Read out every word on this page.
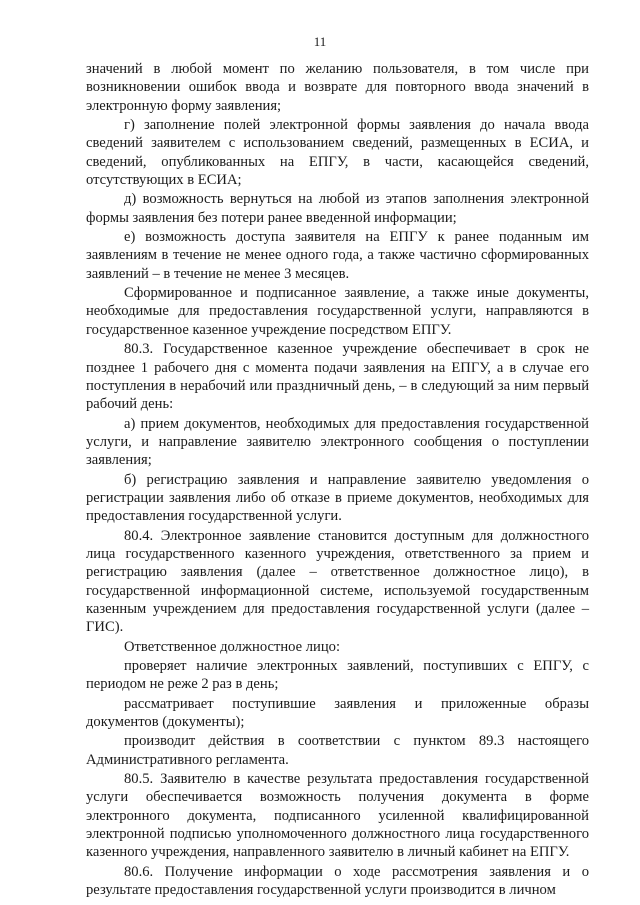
11

значений в любой момент по желанию пользователя, в том числе при возникновении ошибок ввода и возврате для повторного ввода значений в электронную форму заявления;

г) заполнение полей электронной формы заявления до начала ввода сведений заявителем с использованием сведений, размещенных в ЕСИА, и сведений, опубликованных на ЕПГУ, в части, касающейся сведений, отсутствующих в ЕСИА;

д) возможность вернуться на любой из этапов заполнения электронной формы заявления без потери ранее введенной информации;

е) возможность доступа заявителя на ЕПГУ к ранее поданным им заявлениям в течение не менее одного года, а также частично сформированных заявлений – в течение не менее 3 месяцев.

Сформированное и подписанное заявление, а также иные документы, необходимые для предоставления государственной услуги, направляются в государственное казенное учреждение посредством ЕПГУ.

80.3. Государственное казенное учреждение обеспечивает в срок не позднее 1 рабочего дня с момента подачи заявления на ЕПГУ, а в случае его поступления в нерабочий или праздничный день, – в следующий за ним первый рабочий день:

а) прием документов, необходимых для предоставления государственной услуги, и направление заявителю электронного сообщения о поступлении заявления;

б) регистрацию заявления и направление заявителю уведомления о регистрации заявления либо об отказе в приеме документов, необходимых для предоставления государственной услуги.

80.4. Электронное заявление становится доступным для должностного лица государственного казенного учреждения, ответственного за прием и регистрацию заявления (далее – ответственное должностное лицо), в государственной информационной системе, используемой государственным казенным учреждением для предоставления государственной услуги (далее – ГИС).

Ответственное должностное лицо:

проверяет наличие электронных заявлений, поступивших с ЕПГУ, с периодом не реже 2 раз в день;

рассматривает поступившие заявления и приложенные образы документов (документы);

производит действия в соответствии с пунктом 89.3 настоящего Административного регламента.

80.5. Заявителю в качестве результата предоставления государственной услуги обеспечивается возможность получения документа в форме электронного документа, подписанного усиленной квалифицированной электронной подписью уполномоченного должностного лица государственного казенного учреждения, направленного заявителю в личный кабинет на ЕПГУ.

80.6. Получение информации о ходе рассмотрения заявления и о результате предоставления государственной услуги производится в личном
